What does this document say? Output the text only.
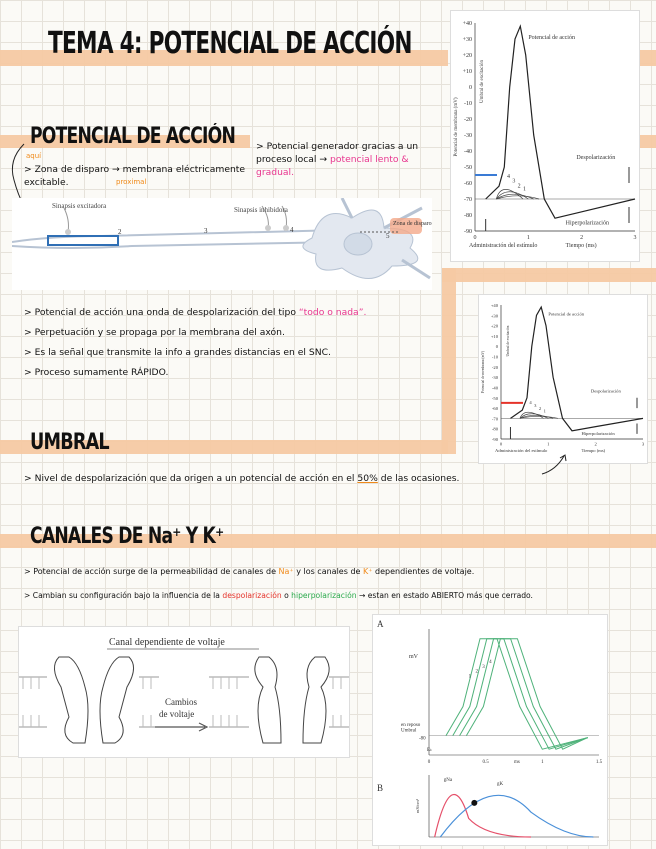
TEMA 4: POTENCIAL DE ACCIÓN
POTENCIAL DE ACCIÓN > Potencial generador gracias a un proceso local → potencial lento & gradual.
> Zona de disparo → membrana eléctricamente excitable.
aquí
proximal
Sinapsis excitadora	Sinapsis inhibidora
Zona de disparo
2	3	4
5
> Potencial de acción una onda de despolarización del tipo “todo o nada”.
> Perpetuación y se propaga por la membrana del axón.
> Es la señal que transmite la info a grandes distancias en el SNC.
> Proceso sumamente RÁPIDO.
+40
+30
+20
+10
0
-10
-20
-30
-40
-50
-60
-70
-80
-90
0	1	2	3
4
3
2
1
Potencial de acción
Despolarización
Hiperpolarización
Administración del estímulo	Tiempo (ms)
Potencial de membrana (mV)
Umbral de excitación
+40
+30
+20
+10
0
-10
-20
-30
-40
-50
-60
-70
-80
-90
0	1	2	3
4
3
2 1
Potencial de acción
Despolarización
Hiperpolarización
Administración del estímulo	Tiempo (ms)
Potencial de membrana (mV)
Umbral de excitación
UMBRAL
> Nivel de despolarización que da origen a un potencial de acción en el 50% de las ocasiones.
CANALES DE Na⁺ Y K⁺
> Potencial de acción surge de la permeabilidad de canales de Na⁺ y los canales de K⁺ dependientes de voltaje.
> Cambian su configuración bajo la influencia de la despolarización o hiperpolarización → estan en estado ABIERTO más que cerrado.
Canal dependiente de voltaje
Cambios
de voltaje
A
B
Umbral
en reposo
-80
Eₖ
mV
1
2
3
4
0	0.5	1	1.5
ms
gNa
gK
mS/cm²
